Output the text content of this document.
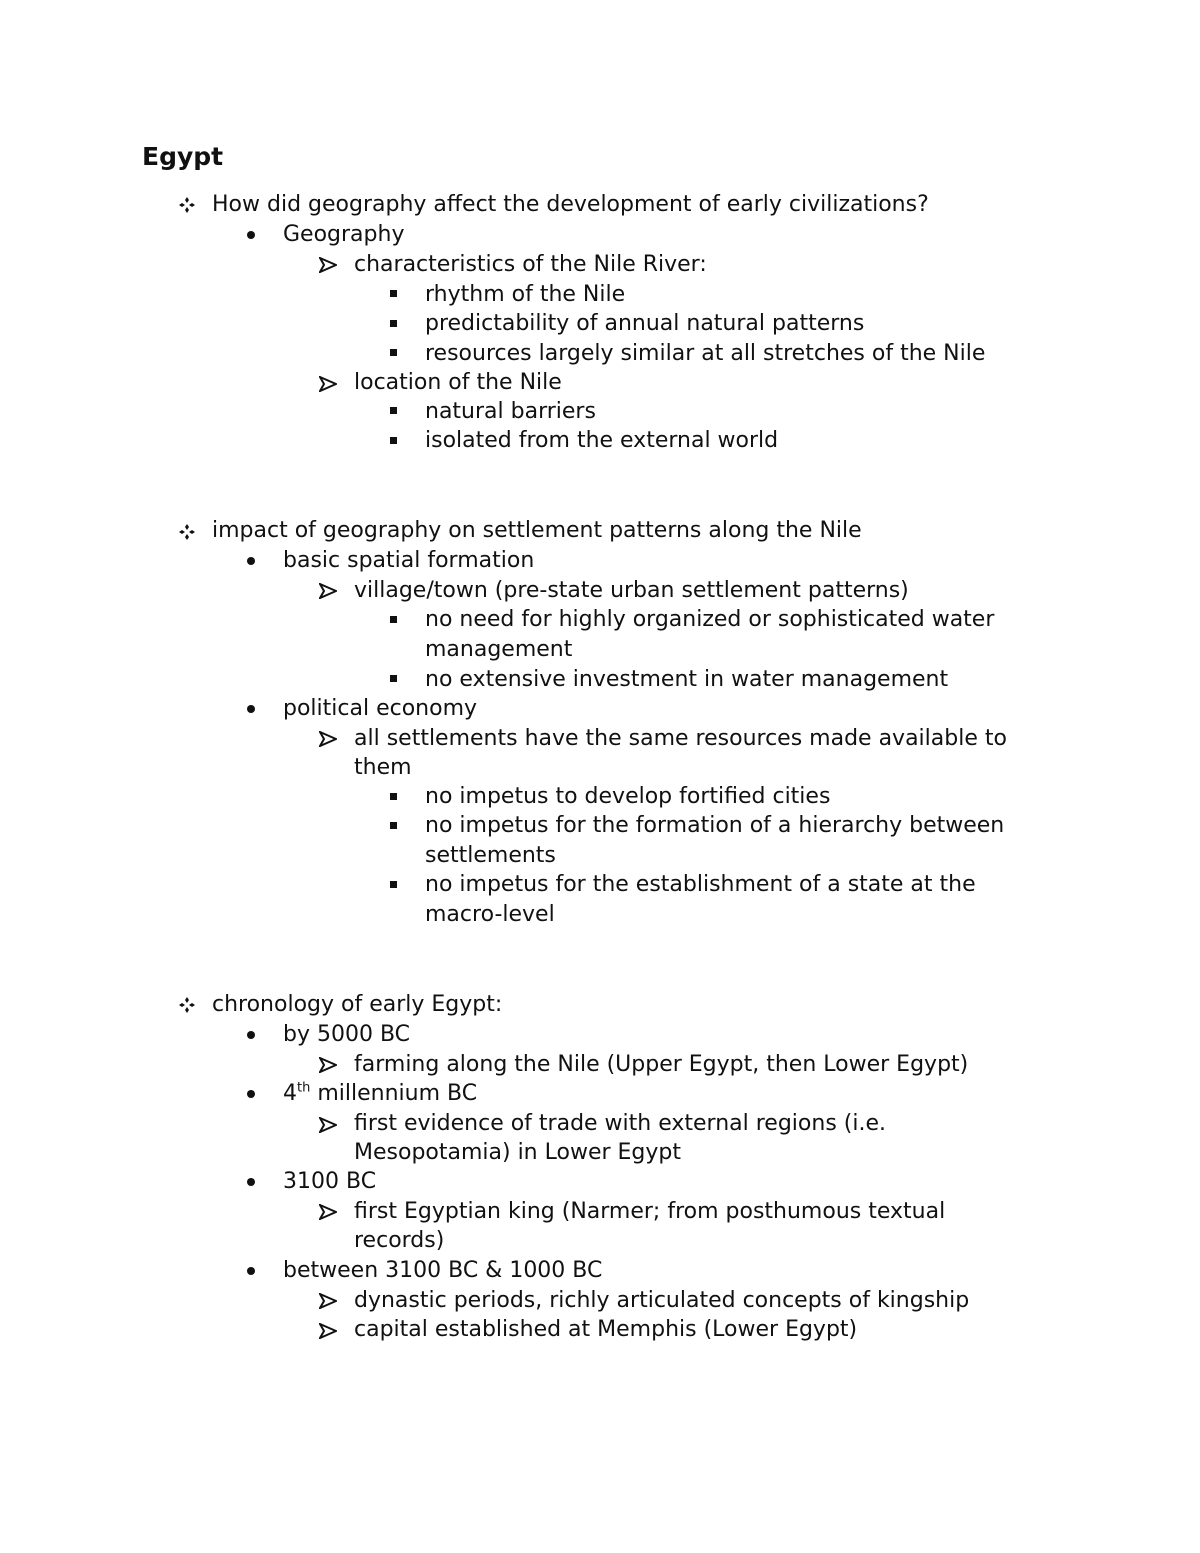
Egypt

How did geography affect the development of early civilizations?

Geography

characteristics of the Nile River:

rhythm of the Nile

predictability of annual natural patterns

resources largely similar at all stretches of the Nile

location of the Nile

natural barriers

isolated from the external world

impact of geography on settlement patterns along the Nile

basic spatial formation

village/town (pre-state urban settlement patterns)

no need for highly organized or sophisticated water

management

no extensive investment in water management

political economy

all settlements have the same resources made available to

them

no impetus to develop fortified cities

no impetus for the formation of a hierarchy between

settlements

no impetus for the establishment of a state at the

macro-level

chronology of early Egypt:

by 5000 BC

farming along the Nile (Upper Egypt, then Lower Egypt)

4th millennium BC

first evidence of trade with external regions (i.e.

Mesopotamia) in Lower Egypt

3100 BC

first Egyptian king (Narmer; from posthumous textual

records)

between 3100 BC & 1000 BC

dynastic periods, richly articulated concepts of kingship

capital established at Memphis (Lower Egypt)
